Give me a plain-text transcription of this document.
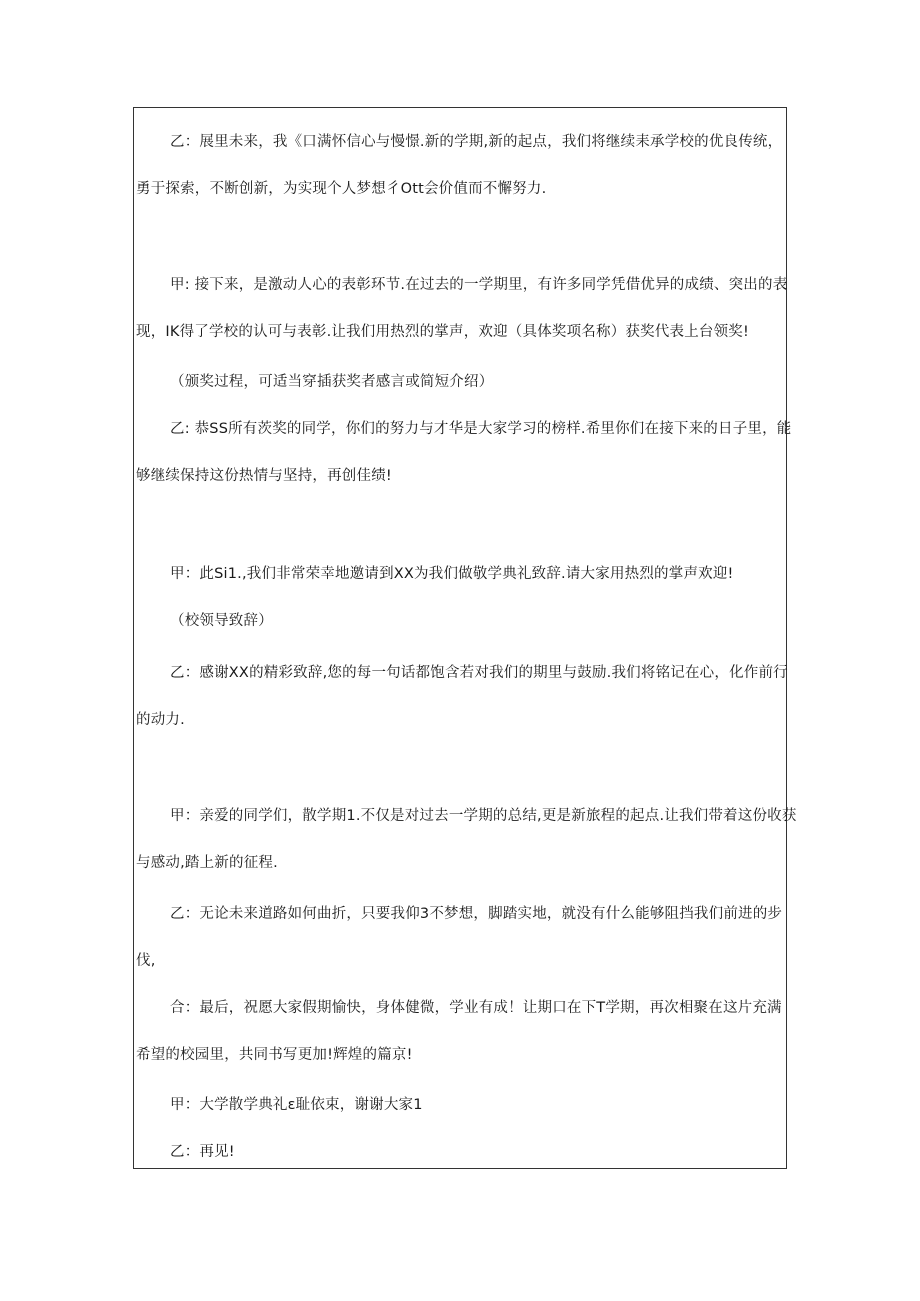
乙：展里未来，我《口满怀信心与慢憬.新的学期,新的起点，我们将继续耒承学校的优良传统，
勇于探索，不断创新，为实现个人梦想彳Ott会价值而不懈努力.
甲: 接下来，是激动人心的表彰环节.在过去的一学期里，有许多同学凭借优异的成绩、突出的表
现，IK得了学校的认可与表彰.让我们用热烈的掌声，欢迎（具体奖项名称）获奖代表上台领奖!
（颁奖过程，可适当穿插获奖者感言或简短介绍）
乙: 恭SS所有茨奖的同学，你们的努力与才华是大家学习的榜样.希里你们在接下来的日子里，能
够继续保持这份热情与坚持，再创佳绩!
甲：此Si1.,我们非常荣幸地邀请到XX为我们做敬学典礼致辞.请大家用热烈的掌声欢迎!
（校领导致辞）
乙：感谢XX的精彩致辞,您的每一句话都饱含若对我们的期里与鼓励.我们将铭记在心，化作前行
的动力.
甲：亲爱的同学们，散学期1.不仅是对过去一学期的总结,更是新旅程的起点.让我们带着这份收获
与感动,踏上新的征程.
乙：无论未来道路如何曲折，只要我仰3不梦想，脚踏实地，就没有什么能够阻挡我们前进的步
伐,
合：最后，祝愿大家假期愉快，身体健微，学业有成！让期口在下T学期，再次相聚在这片充满
希望的校园里，共同书写更加!辉煌的篇京!
甲：大学散学典礼ε耻依束，谢谢大家1
乙：再见!
